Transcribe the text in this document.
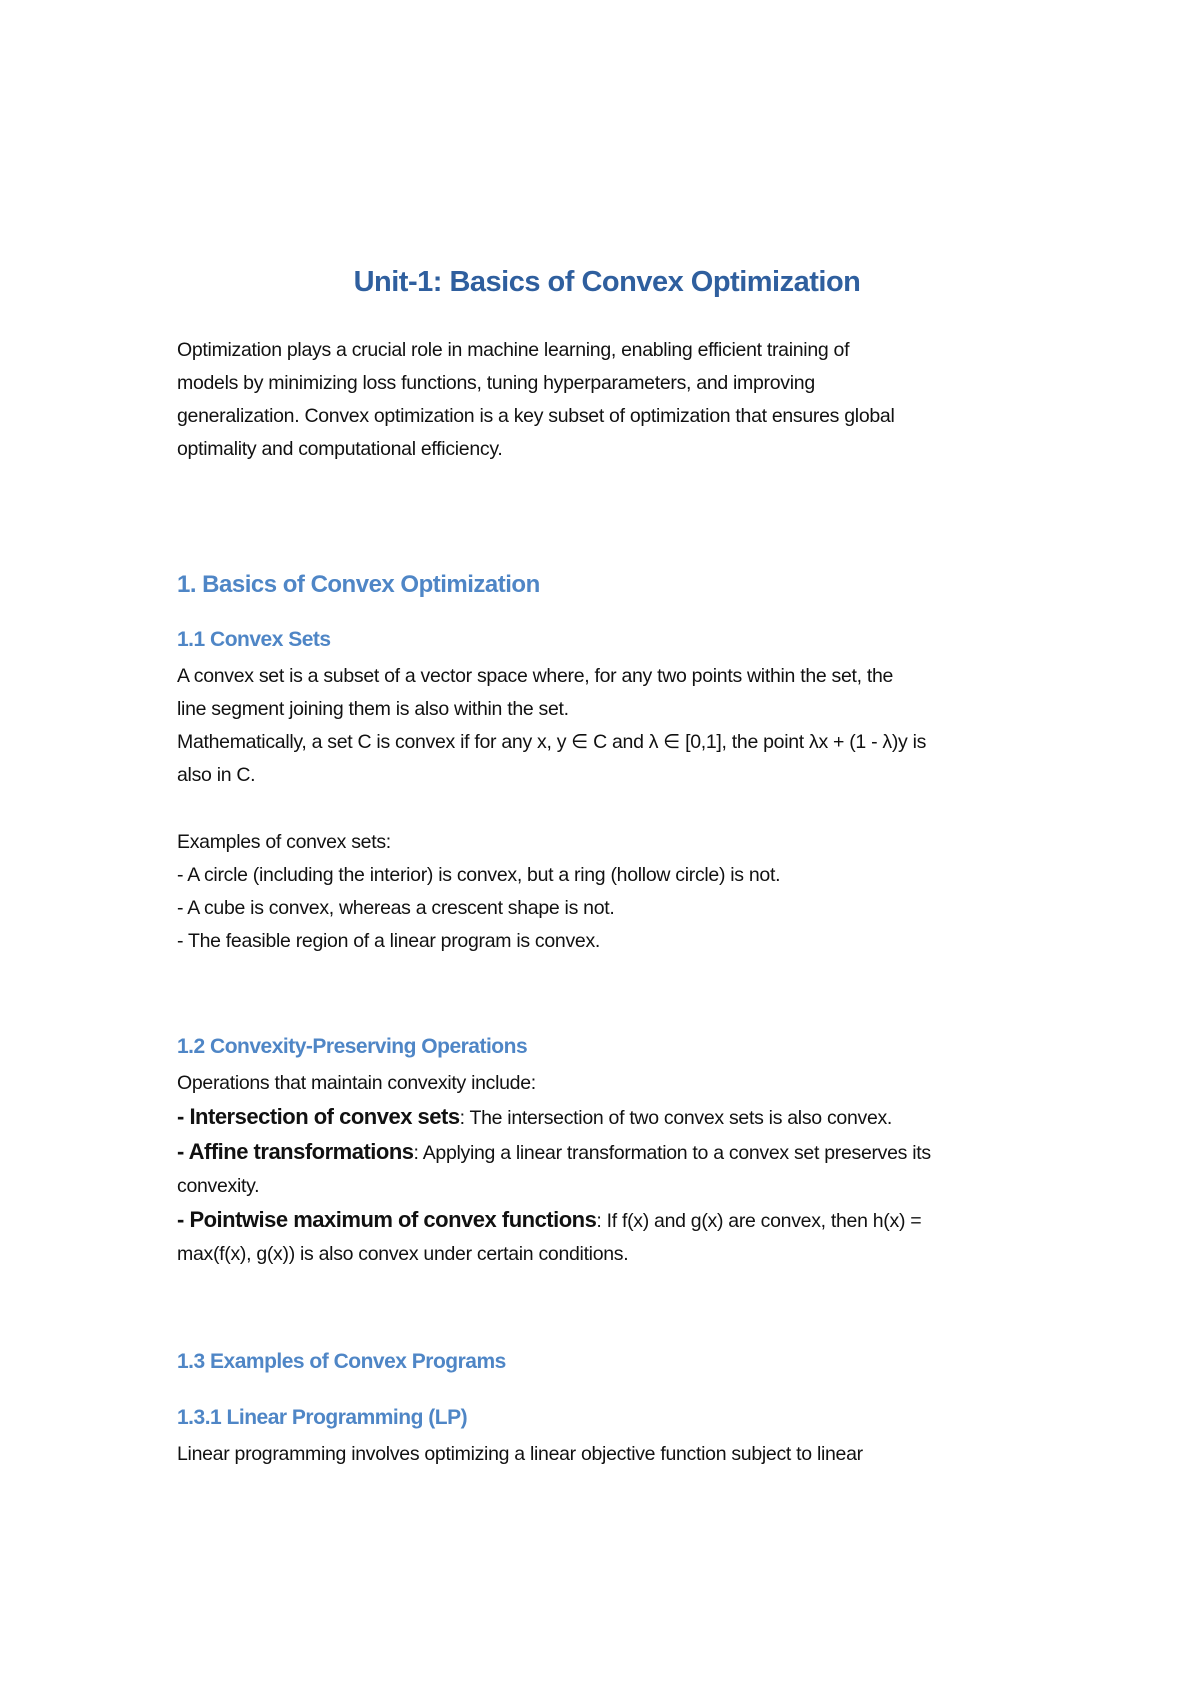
Unit-1: Basics of Convex Optimization

Optimization plays a crucial role in machine learning, enabling efficient training of
models by minimizing loss functions, tuning hyperparameters, and improving
generalization. Convex optimization is a key subset of optimization that ensures global
optimality and computational efficiency.

1. Basics of Convex Optimization
1.1 Convex Sets

A convex set is a subset of a vector space where, for any two points within the set, the
line segment joining them is also within the set.
Mathematically, a set C is convex if for any x, y ∈ C and λ ∈ [0,1], the point λx + (1 - λ)y is
also in C.

Examples of convex sets:
- A circle (including the interior) is convex, but a ring (hollow circle) is not.
- A cube is convex, whereas a crescent shape is not.
- The feasible region of a linear program is convex.

1.2 Convexity-Preserving Operations

Operations that maintain convexity include:
- Intersection of convex sets: The intersection of two convex sets is also convex.
- Affine transformations: Applying a linear transformation to a convex set preserves its
convexity.
- Pointwise maximum of convex functions: If f(x) and g(x) are convex, then h(x) =
max(f(x), g(x)) is also convex under certain conditions.

1.3 Examples of Convex Programs
1.3.1 Linear Programming (LP)

Linear programming involves optimizing a linear objective function subject to linear
